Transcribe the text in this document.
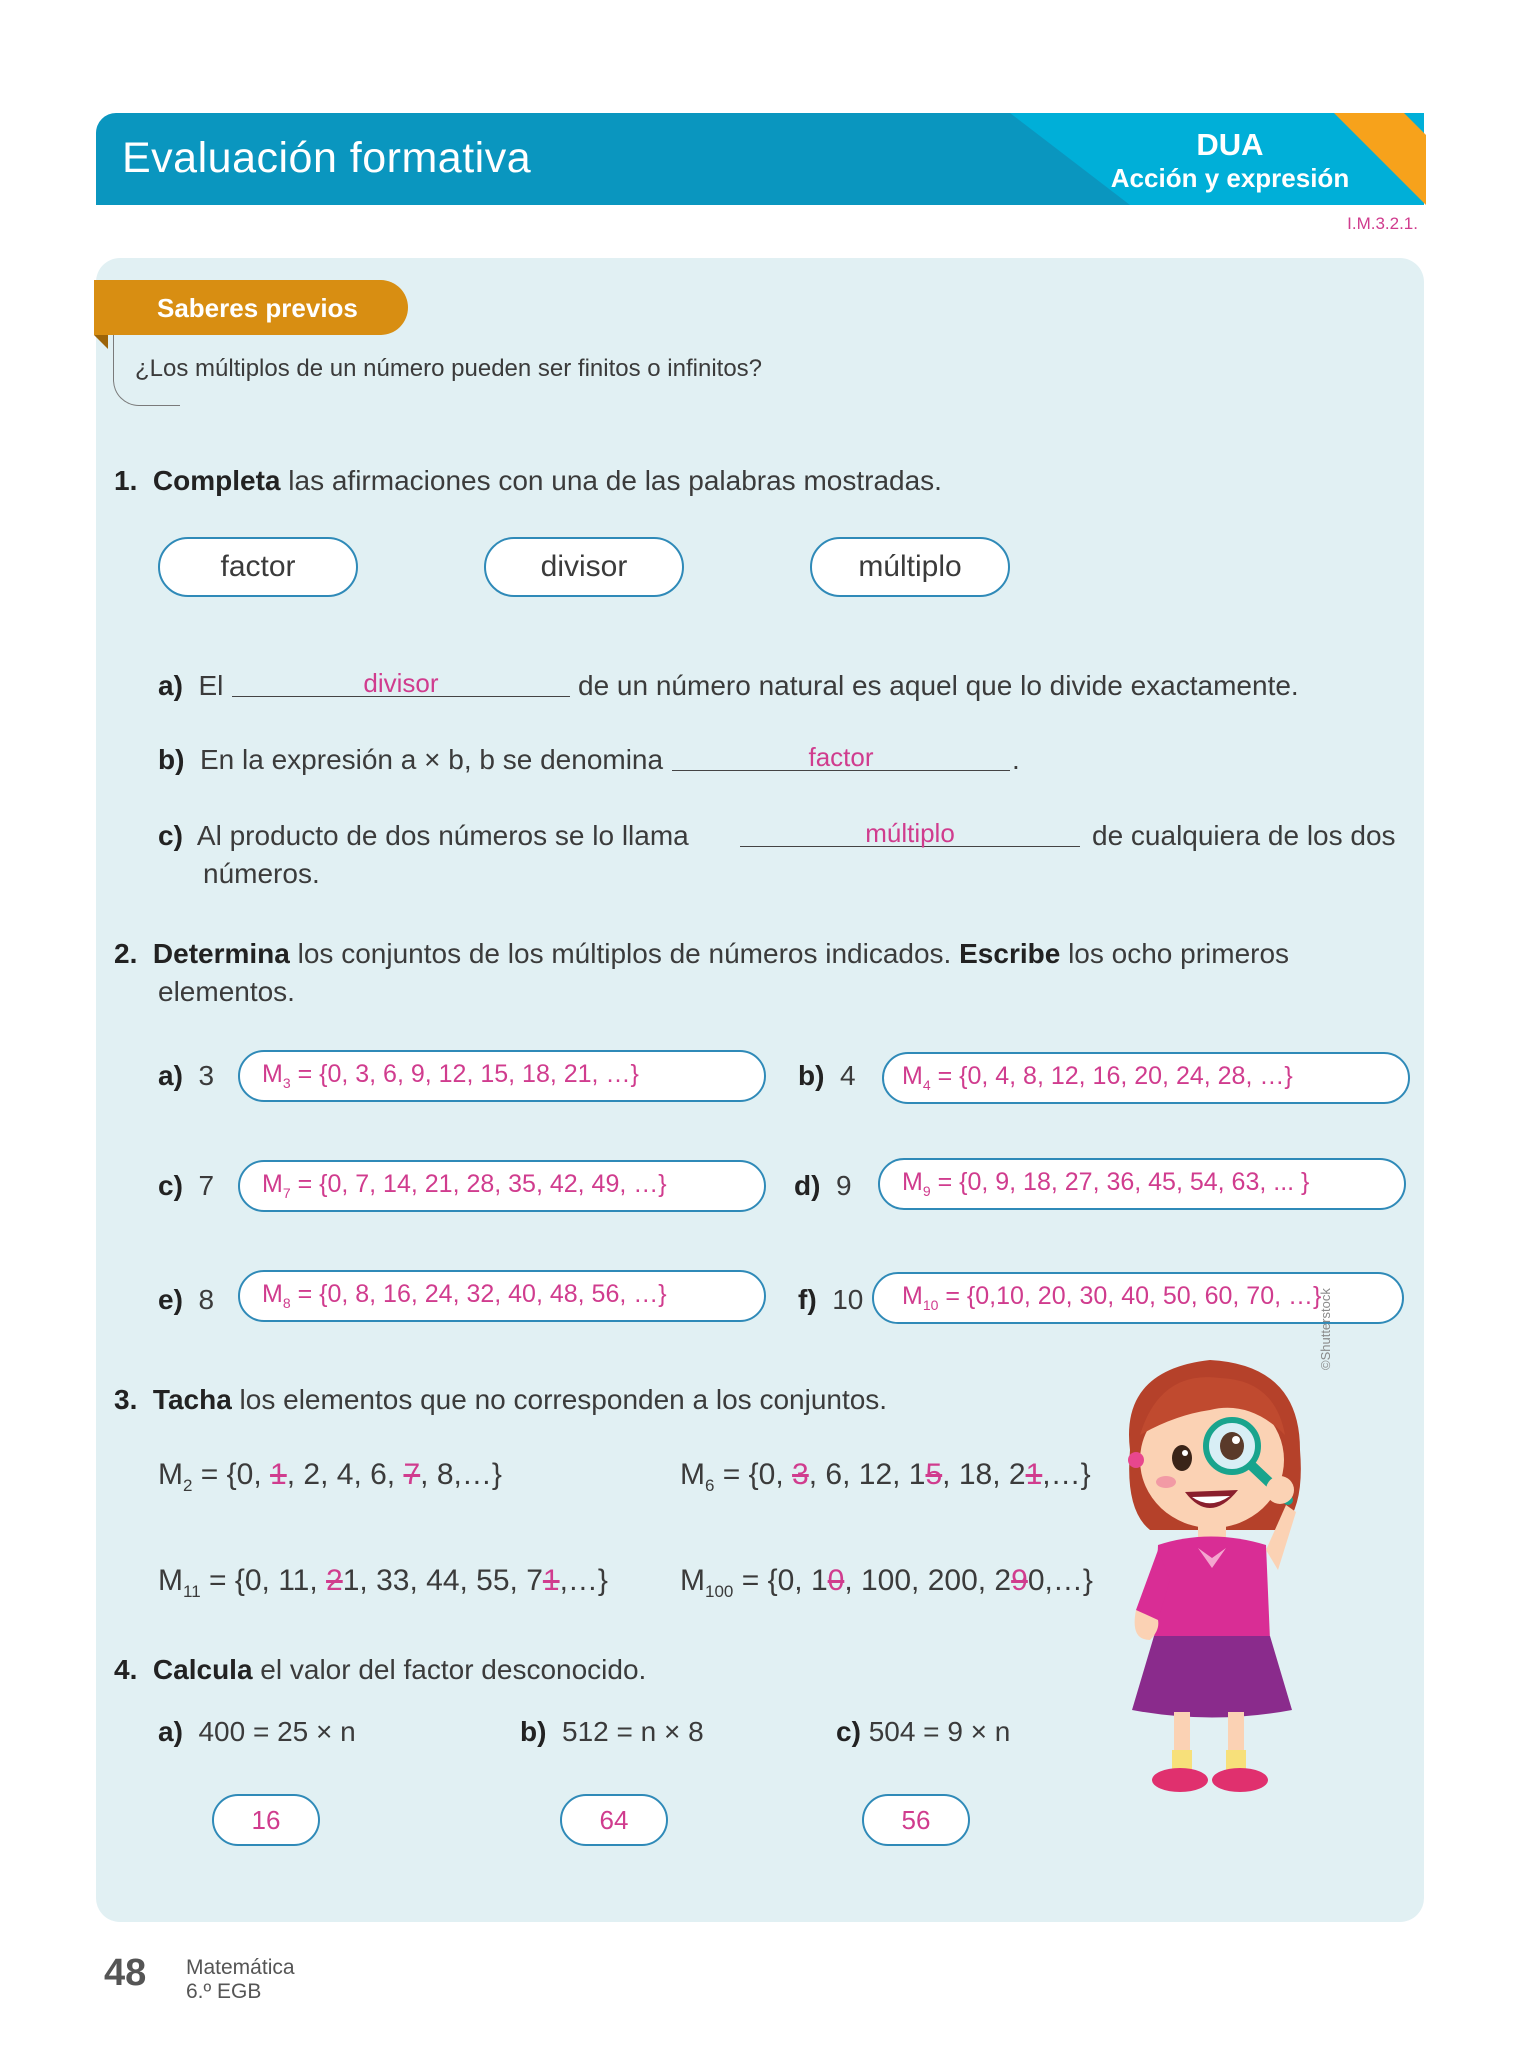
Evaluación formativa	DUA
Acción y expresión
I.M.3.2.1.
Saberes previos
¿Los múltiplos de un número pueden ser finitos o infinitos?
1. Completa las afirmaciones con una de las palabras mostradas.
factor	divisor	múltiplo
a) El	divisor	de un número natural es aquel que lo divide exactamente.
b) En la expresión a × b, b se denomina	factor	.
c) Al producto de dos números se lo llama	múltiplo	de cualquiera de los dos
números.
2. Determina los conjuntos de los múltiplos de números indicados. Escribe los ocho primeros
elementos.
a) 3 $M_3 = \{0$, 3, 6, 9, 12, 15, 18, 21, …}	b) 4 $M_4 = \{0$, 4, 8, 12, 16, 20, 24, 28, …}
c) 7 $M_7 = \{0$, 7, 14, 21, 28, 35, 42, 49, …}	d) 9 $M_9 = \{0$, 9, 18, 27, 36, 45, 54, 63, ... }
e) 8 $M_8 = \{0$, 8, 16, 24, 32, 40, 48, 56, …}	f) 10 $M_{10} = \{0,10$, 20, 30, 40, 50, 60, 70, …}
3. Tacha los elementos que no corresponden a los conjuntos.
$M_2 = \{0$, 1, 2, 4, 6, 7, 8,…}	$M_6 = \{0$, 3, 6, 12, 15, 18, 21,…}
$M_{11} = \{0$, 11, 21, 33, 44, 55, 71,…} $M_{100} = \{0$, 10, 100, 200, 290,…}
4. Calcula el valor del factor desconocido.
a) 400 = 25 × n	b) 512 = n × 8	c) 504 = 9 × n
16	64	56
©Shutterstock
48 Matemática
6.º EGB
